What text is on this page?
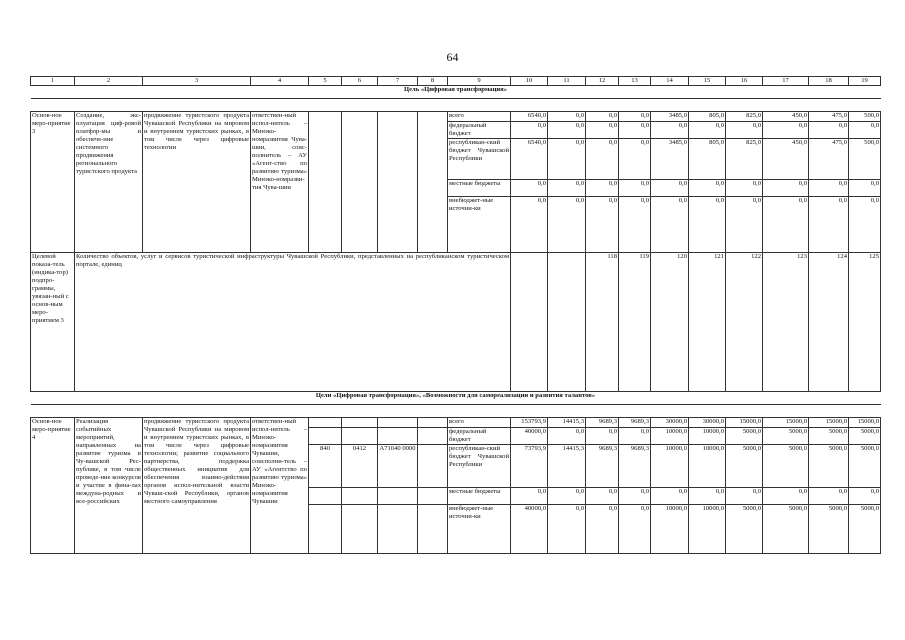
64
1	2	3	4	5	6	7	8	9	10	11	12	13	14	15	16	17	18	19	
Цель «Цифровая трансформация»																			

Основ-ное меро-приятие 3	Создание, экс-плуатация циф-ровой платфор-мы и обеспече-ние системного продвижения регионального туристского продукта	продвижение туристского продукта Чувашской Республики на мировом и внутреннем туристских рынках, в том числе через цифровые технологии	ответствен-ный испол-нитель – Минэко-номразвития Чува-шии, соис-полнитель – АУ «Агент-ство по развитию туризма» Минэко-номразви-тия Чува-шии					всего	6540,0	0,0	0,0	0,0	3485,0	805,0	825,0	450,0	475,0	500,0	
								федеральный бюджет	0,0	0,0	0,0	0,0	0,0	0,0	0,0	0,0	0,0	0,0	
								республикан-ский бюджет Чувашской Республики	6540,0	0,0	0,0	0,0	3485,0	805,0	825,0	450,0	475,0	500,0	
								местные бюджеты	0,0	0,0	0,0	0,0	0,0	0,0	0,0	0,0	0,0	0,0	
								внебюджет-ные источни-ки	0,0	0,0	0,0	0,0	0,0	0,0	0,0	0,0	0,0	0,0	
Целевой показа-тель (индика-тор) подпро-граммы, увязан-ный с основ-ным меро-приятием 3	Количество объектов, услуг и сервисов туристической инфраструктуры Чувашской Республики, представленных на республиканском туристическом портале, единиц										118	119	120	121	122	123	124	125	
Цели «Цифровая трансформация», «Возможности для самореализации и развития талантов»																			

Основ-ное меро-приятие 4	Реализация событийных мероприятий, направленных на развитие туризма в Чу-вашской Рес-публике, в том числе проведе-ние конкурсов и участие в фина-лах междуна-родных и все-российских	продвижение туристского продукта Чувашской Республики на мировом и внутреннем туристских рынках, в том числе через цифровые технологии; развитие социального партнерства, поддержка общественных инициатив для обеспечения взаимо-действия органов испол-нительной власти Чуваш-ской Республики, органов местного самоуправления	ответствен-ный испол-нитель – Минэко-номразвития Чувашии, соисполни-тель – АУ «Агентство по развитию туризма» Минэко-номразвития Чувашии					всего	153793,9	14415,3	9689,3	9689,3	30000,0	30000,0	15000,0	15000,0	15000,0	15000,0	
								федеральный бюджет	40000,0	0,0	0,0	0,0	10000,0	10000,0	5000,0	5000,0	5000,0	5000,0	
				840	0412	А71040 0000		республикан-ский бюджет Чувашской Республики	73793,9	14415,3	9689,3	9689,3	10000,0	10000,0	5000,0	5000,0	5000,0	5000,0	
								местные бюджеты	0,0	0,0	0,0	0,0	0,0	0,0	0,0	0,0	0,0	0,0	
								внебюджет-ные источни-ки	40000,0	0,0	0,0	0,0	10000,0	10000,0	5000,0	5000,0	5000,0	5000,0	
